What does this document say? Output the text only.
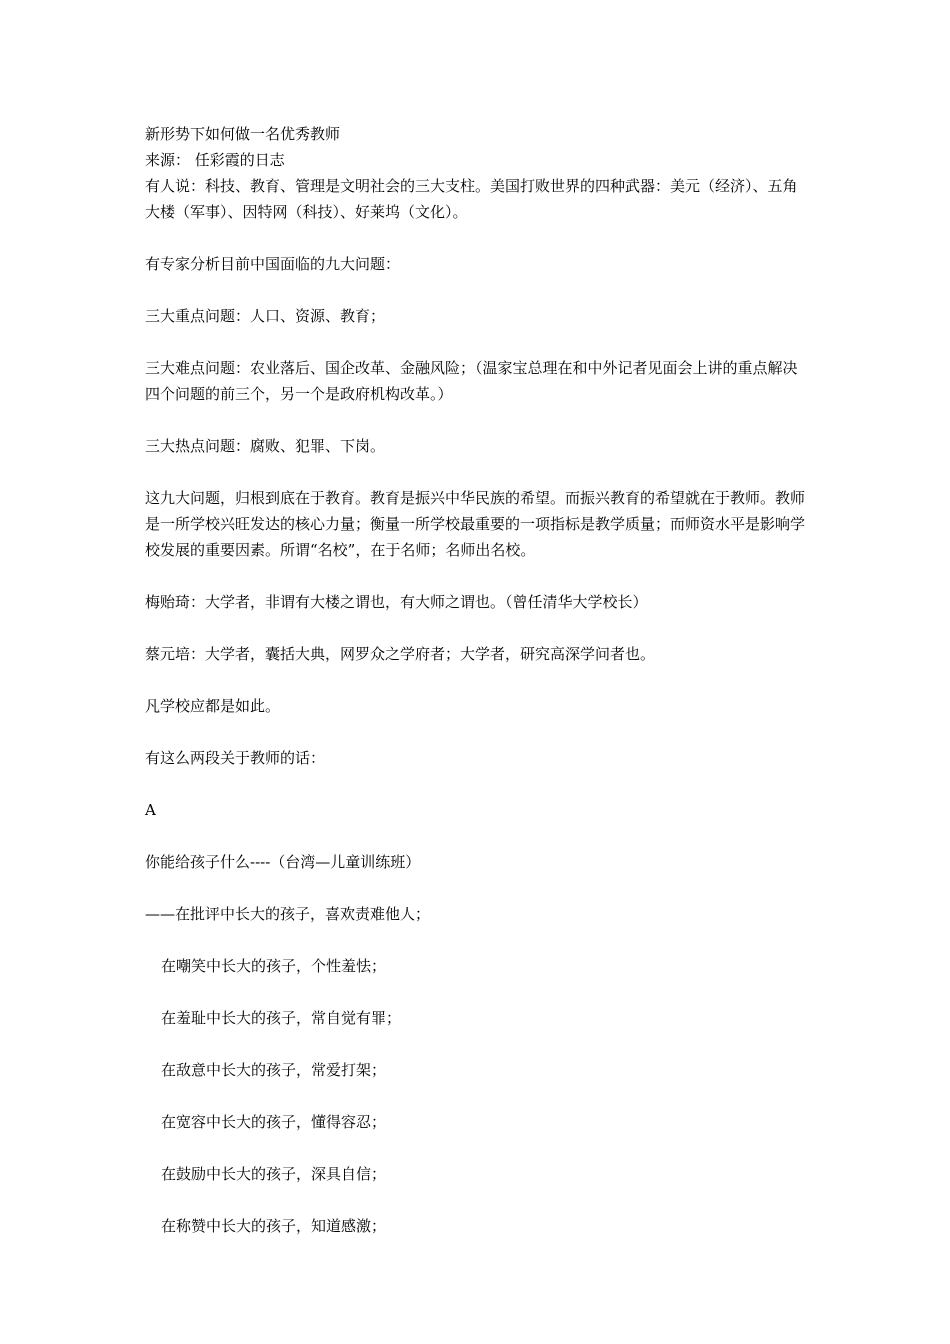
新形势下如何做一名优秀教师

来源： 任彩霞的日志

有人说：科技、教育、管理是文明社会的三大支柱。美国打败世界的四种武器：美元（经济）、五角大楼（军事）、因特网（科技）、好莱坞（文化）。

有专家分析目前中国面临的九大问题：

三大重点问题：人口、资源、教育；

三大难点问题：农业落后、国企改革、金融风险；（温家宝总理在和中外记者见面会上讲的重点解决四个问题的前三个，另一个是政府机构改革。）

三大热点问题：腐败、犯罪、下岗。

这九大问题，归根到底在于教育。教育是振兴中华民族的希望。而振兴教育的希望就在于教师。教师是一所学校兴旺发达的核心力量；衡量一所学校最重要的一项指标是教学质量；而师资水平是影响学校发展的重要因素。所谓“名校”，在于名师；名师出名校。

梅贻琦：大学者，非谓有大楼之谓也，有大师之谓也。（曾任清华大学校长）

蔡元培：大学者，囊括大典，网罗众之学府者；大学者，研究高深学问者也。

凡学校应都是如此。

有这么两段关于教师的话：

A

你能给孩子什么----（台湾—儿童训练班）

——在批评中长大的孩子，喜欢责难他人；

在嘲笑中长大的孩子，个性羞怯；

在羞耻中长大的孩子，常自觉有罪；

在敌意中长大的孩子，常爱打架；

在宽容中长大的孩子，懂得容忍；

在鼓励中长大的孩子，深具自信；

在称赞中长大的孩子，知道感激；
